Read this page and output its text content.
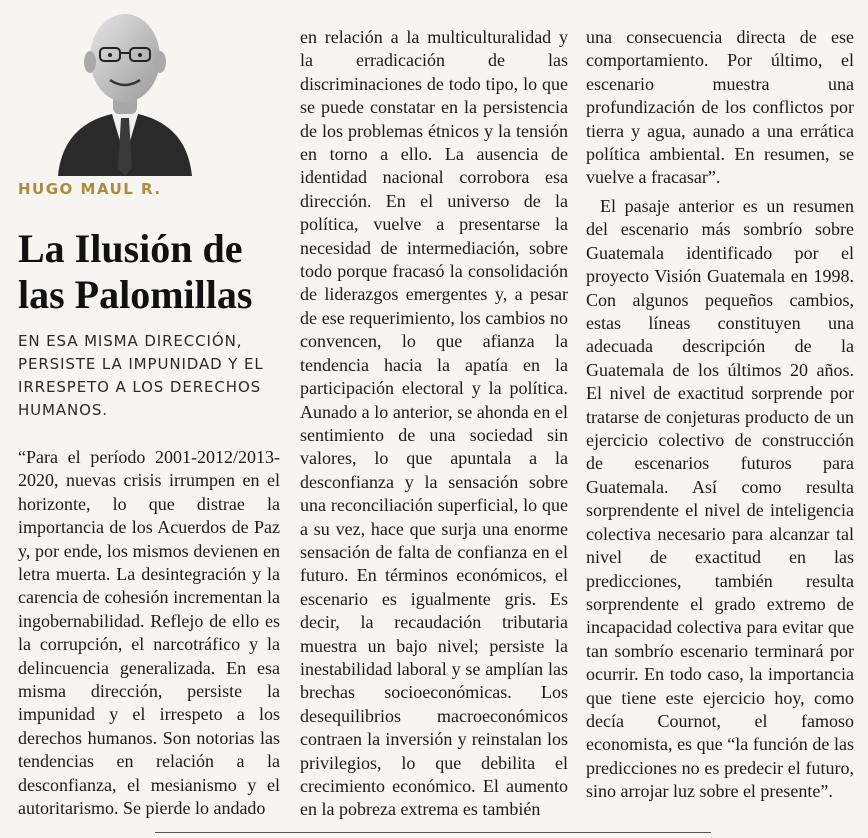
HUGO MAUL R.
La Ilusión de las Palomillas

EN ESA MISMA DIRECCIÓN, PERSISTE LA IMPUNIDAD Y EL IRRESPETO A LOS DERECHOS HUMANOS.

“Para el período 2001-2012/2013-2020, nuevas crisis irrumpen en el horizonte, lo que distrae la importancia de los Acuerdos de Paz y, por ende, los mismos devienen en letra muerta. La desintegración y la carencia de cohesión incrementan la ingobernabilidad. Reflejo de ello es la corrupción, el narcotráfico y la delincuencia generalizada. En esa misma dirección, persiste la impunidad y el irrespeto a los derechos humanos. Son notorias las tendencias en relación a la desconfianza, el mesianismo y el autoritarismo. Se pierde lo andado

en relación a la multiculturalidad y la erradicación de las discriminaciones de todo tipo, lo que se puede constatar en la persistencia de los problemas étnicos y la tensión en torno a ello. La ausencia de identidad nacional corrobora esa dirección. En el universo de la política, vuelve a presentarse la necesidad de intermediación, sobre todo porque fracasó la consolidación de liderazgos emergentes y, a pesar de ese requerimiento, los cambios no convencen, lo que afianza la tendencia hacia la apatía en la participación electoral y la política. Aunado a lo anterior, se ahonda en el sentimiento de una sociedad sin valores, lo que apuntala a la desconfianza y la sensación sobre una reconciliación superficial, lo que a su vez, hace que surja una enorme sensación de falta de confianza en el futuro. En términos económicos, el escenario es igualmente gris. Es decir, la recaudación tributaria muestra un bajo nivel; persiste la inestabilidad laboral y se amplían las brechas socioeconómicas. Los desequilibrios macroeconómicos contraen la inversión y reinstalan los privilegios, lo que debilita el crecimiento económico. El aumento en la pobreza extrema es también

una consecuencia directa de ese comportamiento. Por último, el escenario muestra una profundización de los conflictos por tierra y agua, aunado a una errática política ambiental. En resumen, se vuelve a fracasar”.

El pasaje anterior es un resumen del escenario más sombrío sobre Guatemala identificado por el proyecto Visión Guatemala en 1998. Con algunos pequeños cambios, estas líneas constituyen una adecuada descripción de la Guatemala de los últimos 20 años. El nivel de exactitud sorprende por tratarse de conjeturas producto de un ejercicio colectivo de construcción de escenarios futuros para Guatemala. Así como resulta sorprendente el nivel de inteligencia colectiva necesario para alcanzar tal nivel de exactitud en las predicciones, también resulta sorprendente el grado extremo de incapacidad colectiva para evitar que tan sombrío escenario terminará por ocurrir. En todo caso, la importancia que tiene este ejercicio hoy, como decía Cournot, el famoso economista, es que “la función de las predicciones no es predecir el futuro, sino arrojar luz sobre el presente”.
